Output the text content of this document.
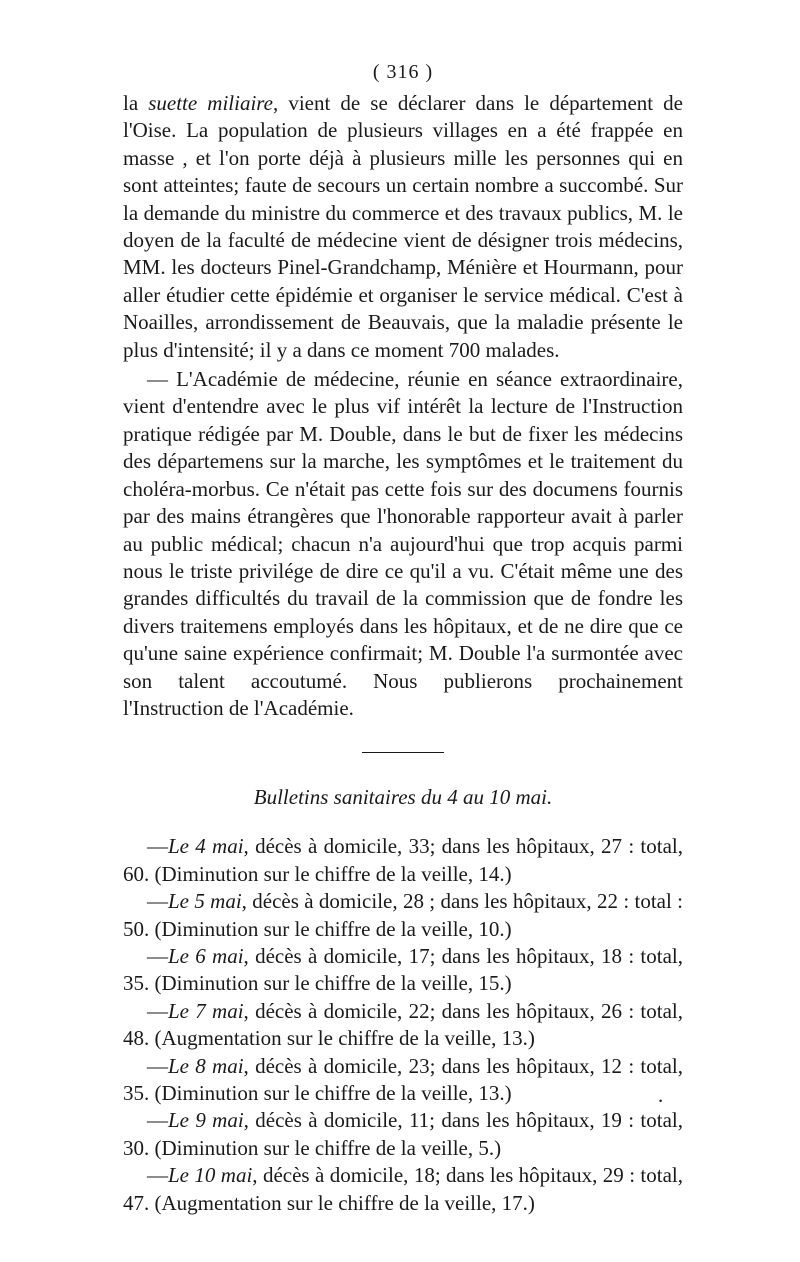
( 316 )

la suette miliaire, vient de se déclarer dans le département de l'Oise. La population de plusieurs villages en a été frappée en masse , et l'on porte déjà à plusieurs mille les personnes qui en sont atteintes; faute de secours un certain nombre a succombé. Sur la demande du ministre du commerce et des travaux publics, M. le doyen de la faculté de médecine vient de désigner trois médecins, MM. les docteurs Pinel-Grandchamp, Ménière et Hourmann, pour aller étudier cette épidémie et organiser le service médical. C'est à Noailles, arrondissement de Beauvais, que la maladie présente le plus d'intensité; il y a dans ce moment 700 malades.

— L'Académie de médecine, réunie en séance extraordinaire, vient d'entendre avec le plus vif intérêt la lecture de l'Instruction pratique rédigée par M. Double, dans le but de fixer les médecins des départemens sur la marche, les symptômes et le traitement du choléra-morbus. Ce n'était pas cette fois sur des documens fournis par des mains étrangères que l'honorable rapporteur avait à parler au public médical; chacun n'a aujourd'hui que trop acquis parmi nous le triste privilége de dire ce qu'il a vu. C'était même une des grandes difficultés du travail de la commission que de fondre les divers traitemens employés dans les hôpitaux, et de ne dire que ce qu'une saine expérience confirmait; M. Double l'a surmontée avec son talent accoutumé. Nous publierons prochainement l'Instruction de l'Académie.

Bulletins sanitaires du 4 au 10 mai.

—Le 4 mai, décès à domicile, 33; dans les hôpitaux, 27 : total, 60. (Diminution sur le chiffre de la veille, 14.)

—Le 5 mai, décès à domicile, 28 ; dans les hôpitaux, 22 : total : 50. (Diminution sur le chiffre de la veille, 10.)

—Le 6 mai, décès à domicile, 17; dans les hôpitaux, 18 : total, 35. (Diminution sur le chiffre de la veille, 15.)

—Le 7 mai, décès à domicile, 22; dans les hôpitaux, 26 : total, 48. (Augmentation sur le chiffre de la veille, 13.)

—Le 8 mai, décès à domicile, 23; dans les hôpitaux, 12 : total, 35. (Diminution sur le chiffre de la veille, 13.)

—Le 9 mai, décès à domicile, 11; dans les hôpitaux, 19 : total, 30. (Diminution sur le chiffre de la veille, 5.)

—Le 10 mai, décès à domicile, 18; dans les hôpitaux, 29 : total, 47. (Augmentation sur le chiffre de la veille, 17.)

.
